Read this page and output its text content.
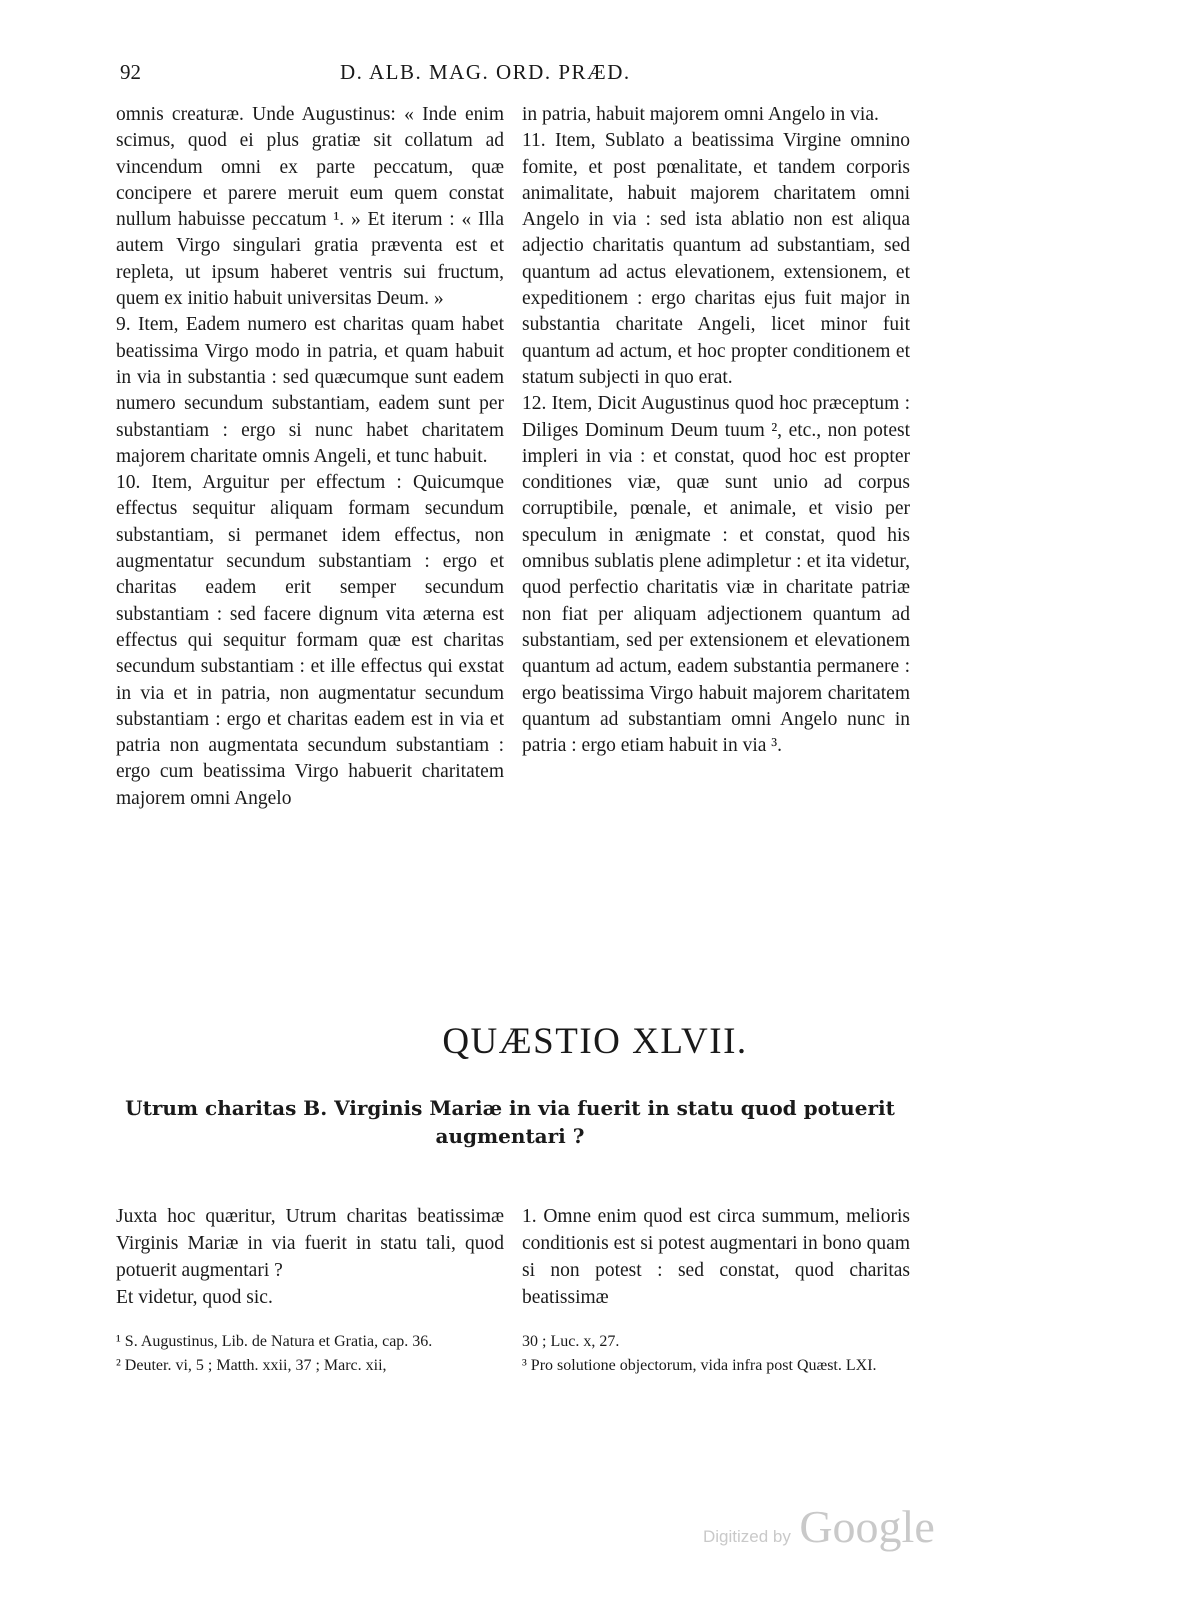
92	D. ALB. MAG. ORD. PRÆD.
omnis creaturæ. Unde Augustinus: « Inde enim scimus, quod ei plus gratiæ sit collatum ad vincendum omni ex parte peccatum, quæ concipere et parere meruit eum quem constat nullum habuisse peccatum ¹. » Et iterum : « Illa autem Virgo singulari gratia præventa est et repleta, ut ipsum haberet ventris sui fructum, quem ex initio habuit universitas Deum. »
9. Item, Eadem numero est charitas quam habet beatissima Virgo modo in patria, et quam habuit in via in substantia : sed quæcumque sunt eadem numero secundum substantiam, eadem sunt per substantiam : ergo si nunc habet charitatem majorem charitate omnis Angeli, et tunc habuit.
10. Item, Arguitur per effectum : Quicumque effectus sequitur aliquam formam secundum substantiam, si permanet idem effectus, non augmentatur secundum substantiam : ergo et charitas eadem erit semper secundum substantiam : sed facere dignum vita æterna est effectus qui sequitur formam quæ est charitas secundum substantiam : et ille effectus qui exstat in via et in patria, non augmentatur secundum substantiam : ergo et charitas eadem est in via et patria non augmentata secundum substantiam : ergo cum beatissima Virgo habuerit charitatem majorem omni Angelo
in patria, habuit majorem omni Angelo in via.
11. Item, Sublato a beatissima Virgine omnino fomite, et post pœnalitate, et tandem corporis animalitate, habuit majorem charitatem omni Angelo in via : sed ista ablatio non est aliqua adjectio charitatis quantum ad substantiam, sed quantum ad actus elevationem, extensionem, et expeditionem : ergo charitas ejus fuit major in substantia charitate Angeli, licet minor fuit quantum ad actum, et hoc propter conditionem et statum subjecti in quo erat.
12. Item, Dicit Augustinus quod hoc præceptum : Diliges Dominum Deum tuum ², etc., non potest impleri in via : et constat, quod hoc est propter conditiones viæ, quæ sunt unio ad corpus corruptibile, pœnale, et animale, et visio per speculum in ænigmate : et constat, quod his omnibus sublatis plene adimpletur : et ita videtur, quod perfectio charitatis viæ in charitate patriæ non fiat per aliquam adjectionem quantum ad substantiam, sed per extensionem et elevationem quantum ad actum, eadem substantia permanere : ergo beatissima Virgo habuit majorem charitatem quantum ad substantiam omni Angelo nunc in patria : ergo etiam habuit in via ³.
QUÆSTIO XLVII.
Utrum charitas B. Virginis Mariæ in via fuerit in statu quod potuerit augmentari ?
Juxta hoc quæritur, Utrum charitas beatissimæ Virginis Mariæ in via fuerit in statu tali, quod potuerit augmentari ?
Et videtur, quod sic.
1. Omne enim quod est circa summum, melioris conditionis est si potest augmentari in bono quam si non potest : sed constat, quod charitas beatissimæ
¹ S. Augustinus, Lib. de Natura et Gratia, cap. 36.
² Deuter. vi, 5 ; Matth. xxii, 37 ; Marc. xii,
30 ; Luc. x, 27.
³ Pro solutione objectorum, vida infra post Quæst. LXI.
Digitized by Google
